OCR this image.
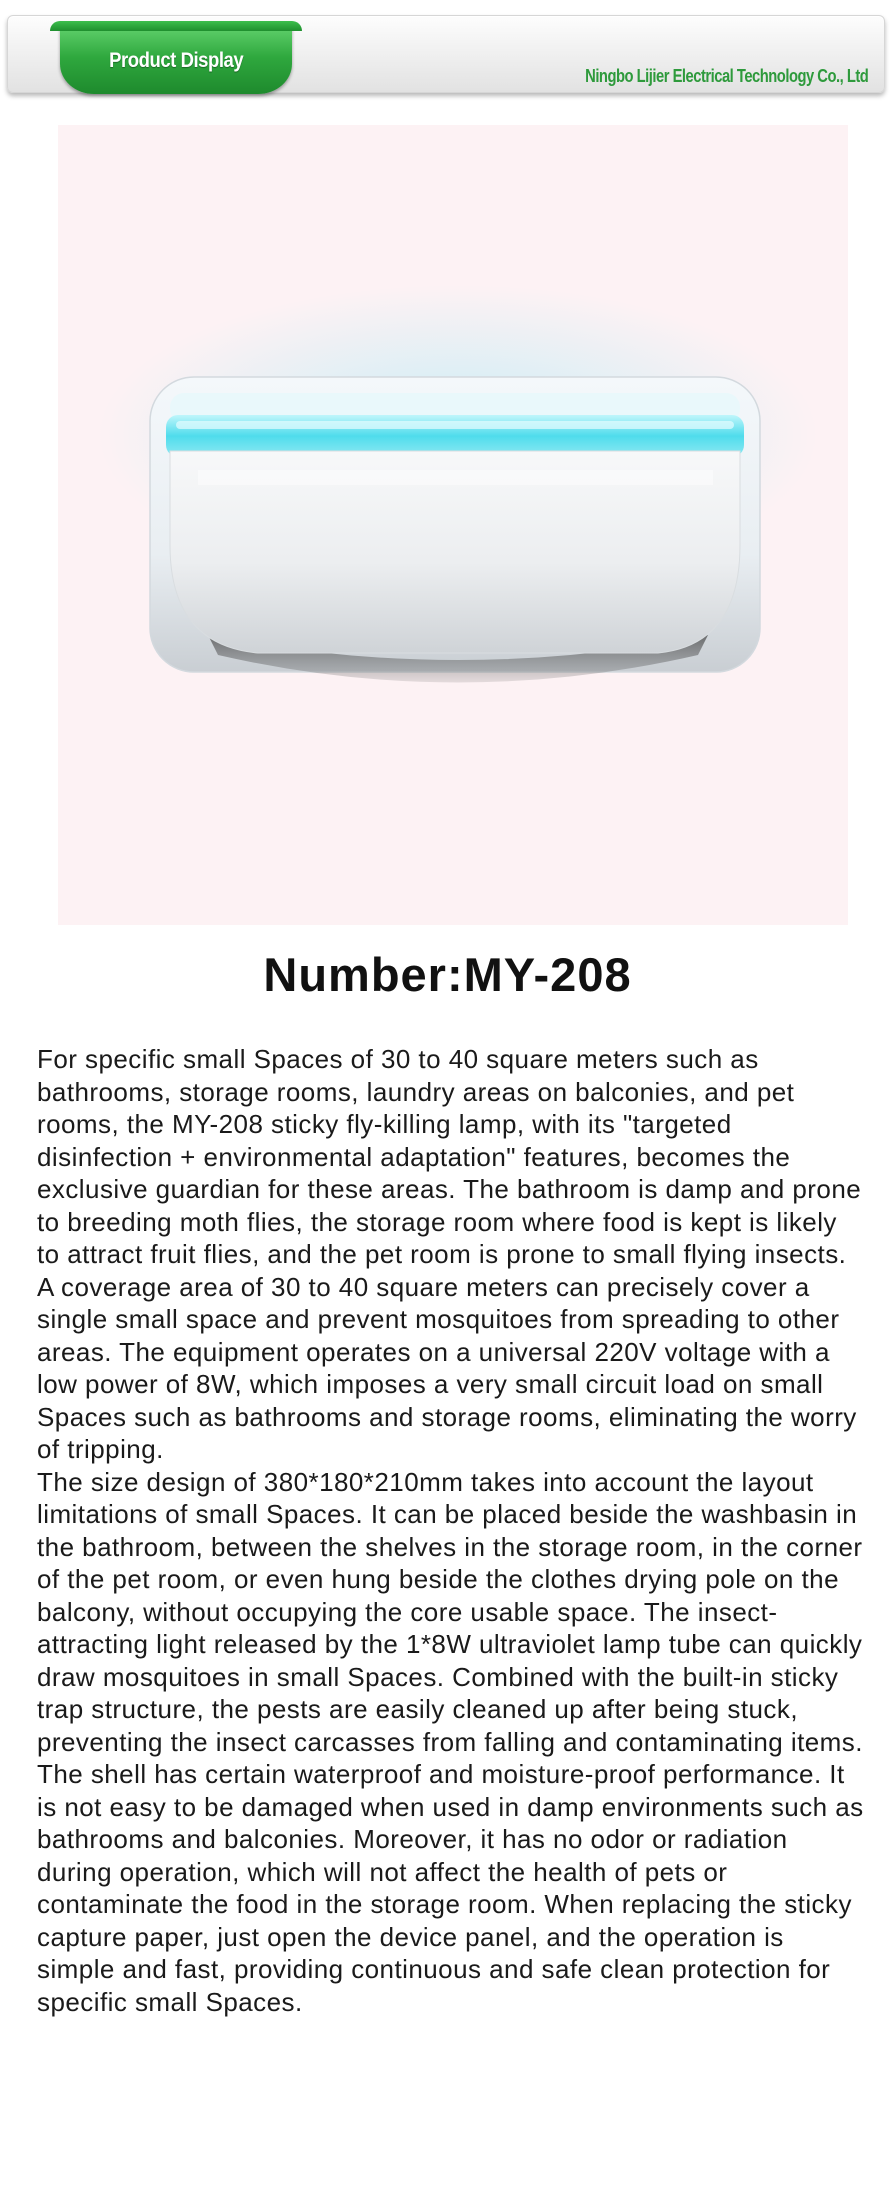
Product Display
Ningbo Lijier Electrical Technology Co., Ltd
Number:MY-208

For specific small Spaces of 30 to 40 square meters such as bathrooms, storage rooms, laundry areas on balconies, and pet rooms, the MY-208 sticky fly-killing lamp, with its "targeted disinfection + environmental adaptation" features, becomes the exclusive guardian for these areas. The bathroom is damp and prone to breeding moth flies, the storage room where food is kept is likely to attract fruit flies, and the pet room is prone to small flying insects. A coverage area of 30 to 40 square meters can precisely cover a single small space and prevent mosquitoes from spreading to other areas. The equipment operates on a universal 220V voltage with a low power of 8W, which imposes a very small circuit load on small Spaces such as bathrooms and storage rooms, eliminating the worry of tripping.

The size design of 380*180*210mm takes into account the layout limitations of small Spaces. It can be placed beside the washbasin in the bathroom, between the shelves in the storage room, in the corner of the pet room, or even hung beside the clothes drying pole on the balcony, without occupying the core usable space. The insect-attracting light released by the 1*8W ultraviolet lamp tube can quickly draw mosquitoes in small Spaces. Combined with the built-in sticky trap structure, the pests are easily cleaned up after being stuck, preventing the insect carcasses from falling and contaminating items. The shell has certain waterproof and moisture-proof performance. It is not easy to be damaged when used in damp environments such as bathrooms and balconies. Moreover, it has no odor or radiation during operation, which will not affect the health of pets or contaminate the food in the storage room. When replacing the sticky capture paper, just open the device panel, and the operation is simple and fast, providing continuous and safe clean protection for specific small Spaces.
